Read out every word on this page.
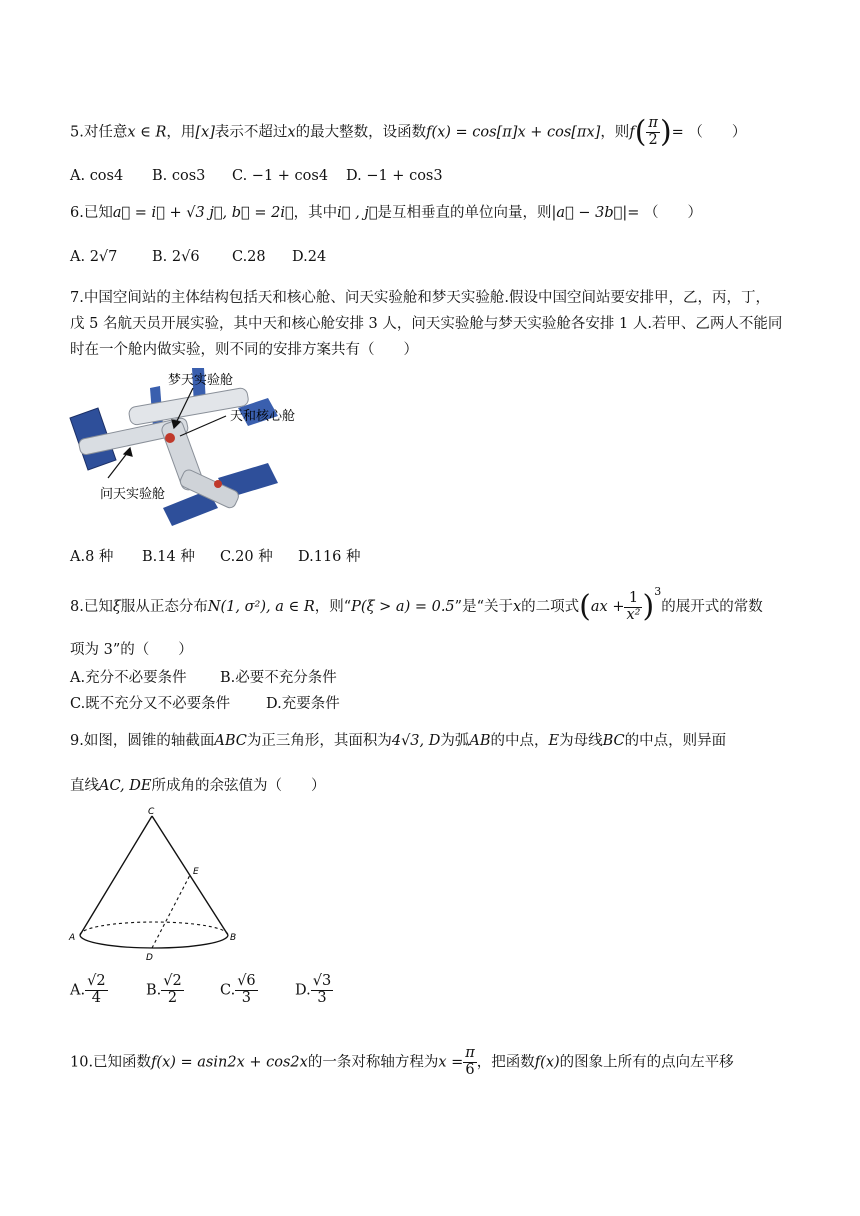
5.对任意x ∈ R，用[x]表示不超过x的最大整数，设函数f(x) = cos[π]x + cos[πx]，则$f( \frac{\pi}{2}$ )= （　　）
A. cos4 B. cos3 C. −1 + cos4 D. −1 + cos3
6.已知a⃗ = i⃗ + √3 j⃗, b⃗ = 2i⃗，其中i⃗ , j⃗是互相垂直的单位向量，则|a⃗ − 3b⃗|= （　　）
A. 2√7 B. 2√6 C.28 D.24
7.中国空间站的主体结构包括天和核心舱、问天实验舱和梦天实验舱.假设中国空间站要安排甲，乙，丙，丁，
戊 5 名航天员开展实验，其中天和核心舱安排 3 人，问天实验舱与梦天实验舱各安排 1 人.若甲、乙两人不能同
时在一个舱内做实验，则不同的安排方案共有（　　）
梦天实验舱
天和核心舱
问天实验舱
A.8 种 B.14 种 C.20 种 D.116 种
8.已知ξ服从正态分布N(1, σ²), a ∈ R，则“P(ξ > a) = 0.5”是“关于x的二项式$(ax + \frac{1}{\text{x²}} )^3$的展开式的常数
项为 3”的（　　）
A.充分不必要条件 B.必要不充分条件
C.既不充分又不必要条件 D.充要条件
9.如图，圆锥的轴截面ABC为正三角形，其面积为4√3, D为弧AB的中点，E为母线BC的中点，则异面
直线AC, DE所成角的余弦值为（　　）
C
A	B
D
E
A. $\frac{√2}{4}$	B. $\frac{√2}{2}$	C. $\frac{√6}{3}$	D. $\frac{√3}{3}$
10.已知函数f(x) = asin2x + cos2x的一条对称轴方程为$x = \frac{\pi}{6}$ ，把函数f(x)的图象上所有的点向左平移
